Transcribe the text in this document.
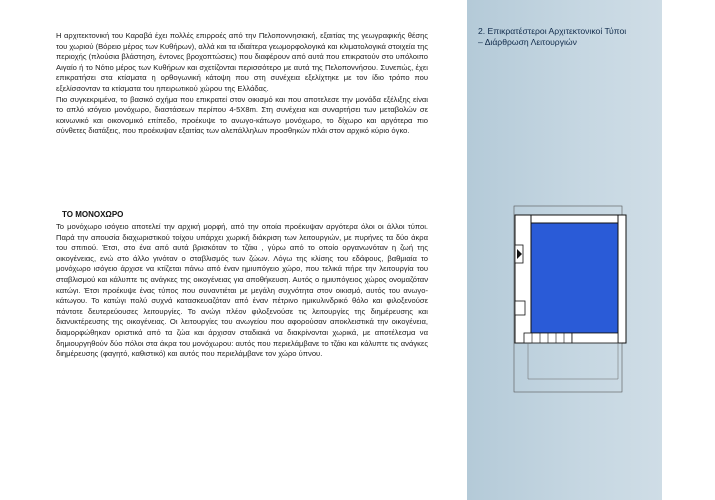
Η αρχιτεκτονική του Καραβά έχει πολλές επιρροές από την Πελοποννησιακή, εξαιτίας της γεωγραφικής θέσης του χωριού (Βόρειο μέρος των Κυθήρων), αλλά και τα ιδιαίτερα γεωμορφολογικά και κλιματολογικά στοιχεία της περιοχής (πλούσια βλάστηση, έντονες βροχοπτώσεις) που διαφέρουν από αυτά που επικρατούν στο υπόλοιπο Αιγαίο ή το Νότιο μέρος των Κυθήρων και σχετίζονται περισσότερο με αυτά της Πελοποννήσου. Συνεπώς, έχει επικρατήσει στα κτίσματα η ορθογωνική κάτοψη που στη συνέχεια εξελίχτηκε με τον ίδιο τρόπο που εξελίσσονταν τα κτίσματα του ηπειρωτικού χώρου της Ελλάδας.

Πιο συγκεκριμένα, το βασικό σχήμα που επικρατεί στον οικισμό και που αποτελεσε την μονάδα εξέλιξης είναι το απλό ισόγειο μονόχωρο, διαστάσεων περίπου 4-5Χ8m. Στη συνέχεια και συναρτήσει των μεταβολών σε κοινωνικό και οικονομικό επίπεδο, προέκυψε το ανωγο-κάτωγο μονόχωρο, το δίχωρο και αργότερα πιο σύνθετες διατάξεις, που προέκυψαν εξαιτίας των αλεπάλληλων προσθηκών πλάι στον αρχικό κύριο όγκο.

ΤΟ ΜΟΝΟΧΩΡΟ

Το μονόχωρο ισόγειο αποτελεί την αρχική μορφή, από την οποία προέκυψαν αργότερα όλοι οι άλλοι τύποι. Παρά την απουσία διαχωριστικού τοίχου υπάρχει χωρική διάκριση των λειτουργιών, με πυρήνες τα δύο άκρα του σπιτιού. Έτσι, στο ένα από αυτά βρισκόταν το τζάκι , γύρω από το οποίο οργανωνόταν η ζωή της οικογένειας, ενώ στο άλλο γινόταν ο σταβλισμός των ζώων. Λόγω της κλίσης του εδάφους, βαθμιαία το μονόχωρο ισόγειο άρχισε να κτίζεται πάνω από έναν ημιυπόγειο χώρο, που τελικά πήρε την λειτουργία του σταβλισμού και κάλυπτε τις ανάγκες της οικογένειας για αποθήκευση. Αυτός ο ημιυπόγειος χώρος ονομαζόταν κατώγι. Έτσι προέκυψε ένας τύπος που συναντιέται με μεγάλη συχνότητα στον οικισμό, αυτός του ανωγο-κάτωγου. Το κατώγι πολύ συχνά κατασκευαζόταν από έναν πέτρινο ημικυλινδρικό θόλο και φιλοξενούσε πάντοτε δευτερεύουσες λειτουργίες. Το ανώγι πλέον φιλοξενούσε τις λειτουργίες της διημέρευσης και διανυκτέρευσης της οικογένειας. Οι λειτουργίες του ανωγείου που αφορούσαν αποκλειστικά την οικογένεια, διαμορφώθηκαν οριστικά από τα ζώα και άρχισαν σταδιακά να διακρίνονται χωρικά, με αποτέλεσμα να δημιουργηθούν δύο πόλοι στα άκρα του μονόχωρου: αυτός που περιελάμβανε το τζάκι και κάλυπτε τις ανάγκες διημέρευσης (φαγητό, καθιστικό) και αυτός που περιελάμβανε τον χώρο ύπνου.

2. Επικρατέστεροι Αρχιτεκτονικοί Τύποι
– Διάρθρωση Λειτουργιών
